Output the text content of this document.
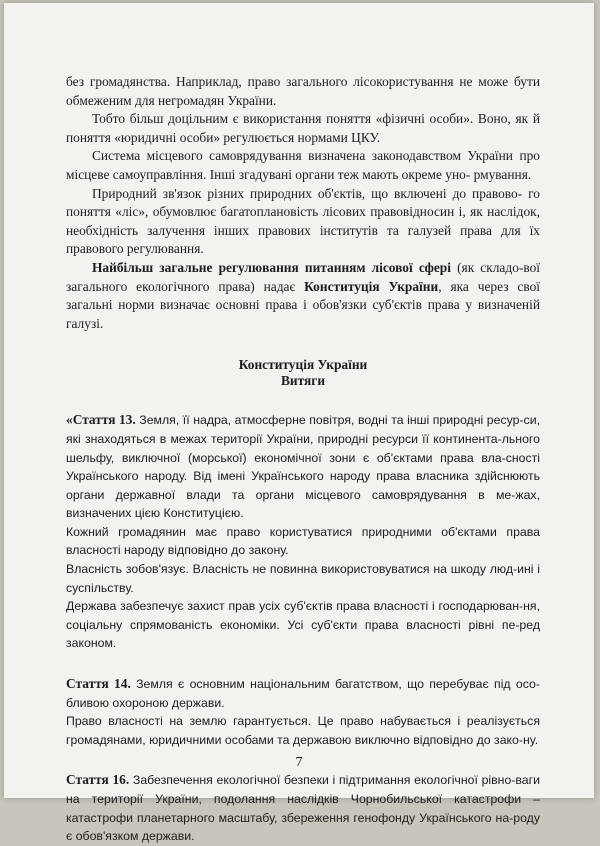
без громадянства. Наприклад, право загального лісокористування не може бути обмеженим для негромадян України.

Тобто більш доцільним є використання поняття «фізичні особи». Воно, як й поняття «юридичні особи» регулюється нормами ЦКУ.

Система місцевого самоврядування визначена законодавством України про місцеве самоуправління. Інші згадувані органи теж мають окреме уно- рмування.

Природний зв'язок різних природних об'єктів, що включені до правово- го поняття «ліс», обумовлює багатоплановість лісових правовідносин і, як наслідок, необхідність залучення інших правових інститутів та галузей права для їх правового регулювання.

Найбільш загальне регулювання питанням лісової сфері (як складо-вої загального екологічного права) надає Конституція України, яка через свої загальні норми визначає основні права і обов'язки суб'єктів права у визначеній галузі.

Конституція України
Витяги

«Стаття 13. Земля, її надра, атмосферне повітря, водні та інші природні ресур-си, які знаходяться в межах території України, природні ресурси її континента-льного шельфу, виключної (морської) економічної зони є об'єктами права вла-сності Українського народу. Від імені Українського народу права власника здійснюють органи державної влади та органи місцевого самоврядування в ме-жах, визначених цією Конституцією.

Кожний громадянин має право користуватися природними об'єктами права власності народу відповідно до закону.

Власність зобов'язує. Власність не повинна використовуватися на шкоду люд-ині і суспільству.

Держава забезпечує захист прав усіх суб'єктів права власності і господарюван-ня, соціальну спрямованість економіки. Усі суб'єкти права власності рівні пе-ред законом.

Стаття 14. Земля є основним національним багатством, що перебуває під осо-бливою охороною держави.

Право власності на землю гарантується. Це право набувається і реалізується громадянами, юридичними особами та державою виключно відповідно до зако-ну.

Стаття 16. Забезпечення екологічної безпеки і підтримання екологічної рівно-ваги на території України, подолання наслідків Чорнобильської катастрофи – катастрофи планетарного масштабу, збереження генофонду Українського на-роду є обов'язком держави.

7
